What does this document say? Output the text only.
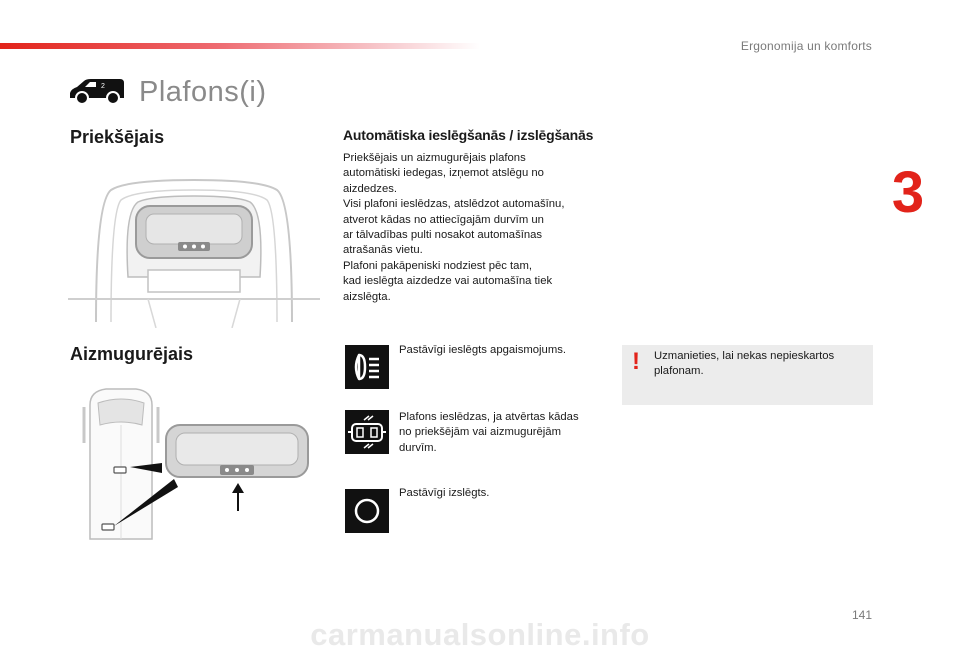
Ergonomija un komforts
3
2 Plafons(i)
Priekšējais
Aizmugurējais
Automātiska ieslēgšanās / izslēgšanās
Priekšējais un aizmugurējais plafons
automātiski iedegas, izņemot atslēgu no
aizdedzes.
Visi plafoni ieslēdzas, atslēdzot automašīnu,
atverot kādas no attiecīgajām durvīm un
ar tālvadības pulti nosakot automašīnas
atrašanās vietu.
Plafoni pakāpeniski nodziest pēc tam,
kad ieslēgta aizdedze vai automašīna tiek
aizslēgta.
Pastāvīgi ieslēgts apgaismojums.
Plafons ieslēdzas, ja atvērtas kādas
no priekšējām vai aizmugurējām
durvīm.
Pastāvīgi izslēgts.
! Uzmanieties, lai nekas nepieskartos
plafonam.
141
carmanualsonline.info
